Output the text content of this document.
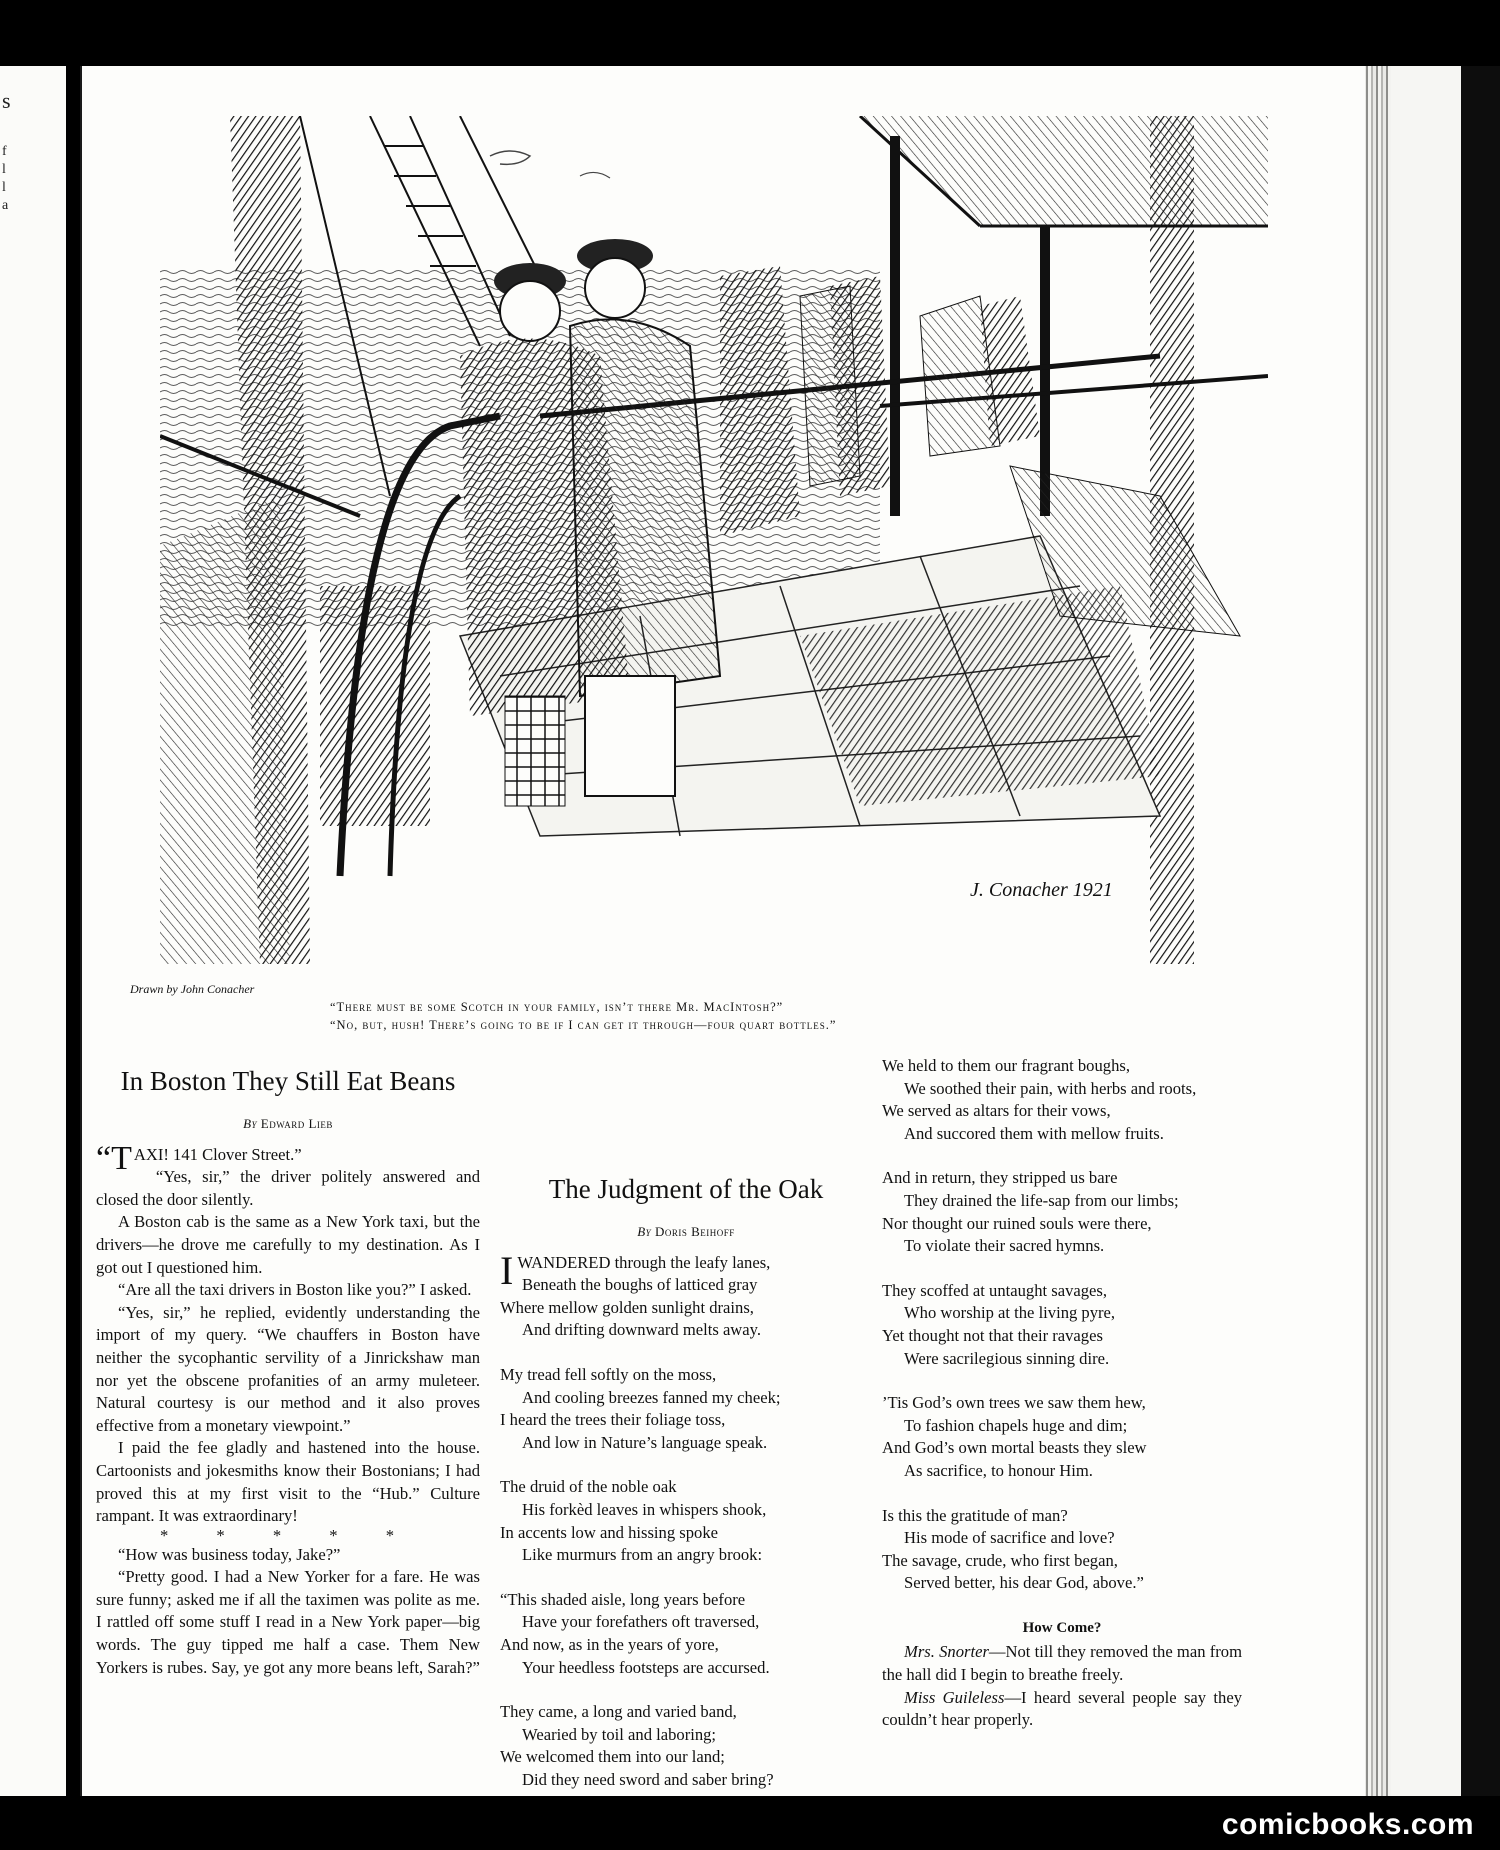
s
f
l
l
a
J. Conacher 1921
Drawn by John Conacher
“There must be some Scotch in your family, isn’t there Mr. MacIntosh?”
“No, but, hush! There’s going to be if I can get it through—four quart bottles.”
In Boston They Still Eat Beans

By Edward Lieb

“TAXI! 141 Clover Street.”

“Yes, sir,” the driver politely answered and closed the door silently.

A Boston cab is the same as a New York taxi, but the drivers—he drove me carefully to my destination. As I got out I questioned him.

“Are all the taxi drivers in Boston like you?” I asked.

“Yes, sir,” he replied, evidently understanding the import of my query. “We chauffers in Boston have neither the sycophantic servility of a Jinrickshaw man nor yet the obscene profanities of an army muleteer. Natural courtesy is our method and it also proves effective from a monetary viewpoint.”

I paid the fee gladly and hastened into the house. Cartoonists and jokesmiths know their Bostonians; I had proved this at my first visit to the “Hub.” Culture rampant. It was extraordinary!

* * * * *

“How was business today, Jake?”

“Pretty good. I had a New Yorker for a fare. He was sure funny; asked me if all the taximen was polite as me. I rattled off some stuff I read in a New York paper—big words. The guy tipped me half a case. Them New Yorkers is rubes. Say, ye got any more beans left, Sarah?”

The Judgment of the Oak

By Doris Beihoff

I WANDERED through the leafy lanes,
Beneath the boughs of latticed gray
Where mellow golden sunlight drains,
And drifting downward melts away.
My tread fell softly on the moss,
And cooling breezes fanned my cheek;
I heard the trees their foliage toss,
And low in Nature’s language speak.
The druid of the noble oak
His forkèd leaves in whispers shook,
In accents low and hissing spoke
Like murmurs from an angry brook:
“This shaded aisle, long years before
Have your forefathers oft traversed,
And now, as in the years of yore,
Your heedless footsteps are accursed.
They came, a long and varied band,
Wearied by toil and laboring;
We welcomed them into our land;
Did they need sword and saber bring?
We held to them our fragrant boughs,
We soothed their pain, with herbs and roots,
We served as altars for their vows,
And succored them with mellow fruits.
And in return, they stripped us bare
They drained the life-sap from our limbs;
Nor thought our ruined souls were there,
To violate their sacred hymns.
They scoffed at untaught savages,
Who worship at the living pyre,
Yet thought not that their ravages
Were sacrilegious sinning dire.
’Tis God’s own trees we saw them hew,
To fashion chapels huge and dim;
And God’s own mortal beasts they slew
As sacrifice, to honour Him.
Is this the gratitude of man?
His mode of sacrifice and love?
The savage, crude, who first began,
Served better, his dear God, above.”

How Come?

Mrs. Snorter—Not till they removed the man from the hall did I begin to breathe freely.

Miss Guileless—I heard several people say they couldn’t hear properly.

comicbooks.com
